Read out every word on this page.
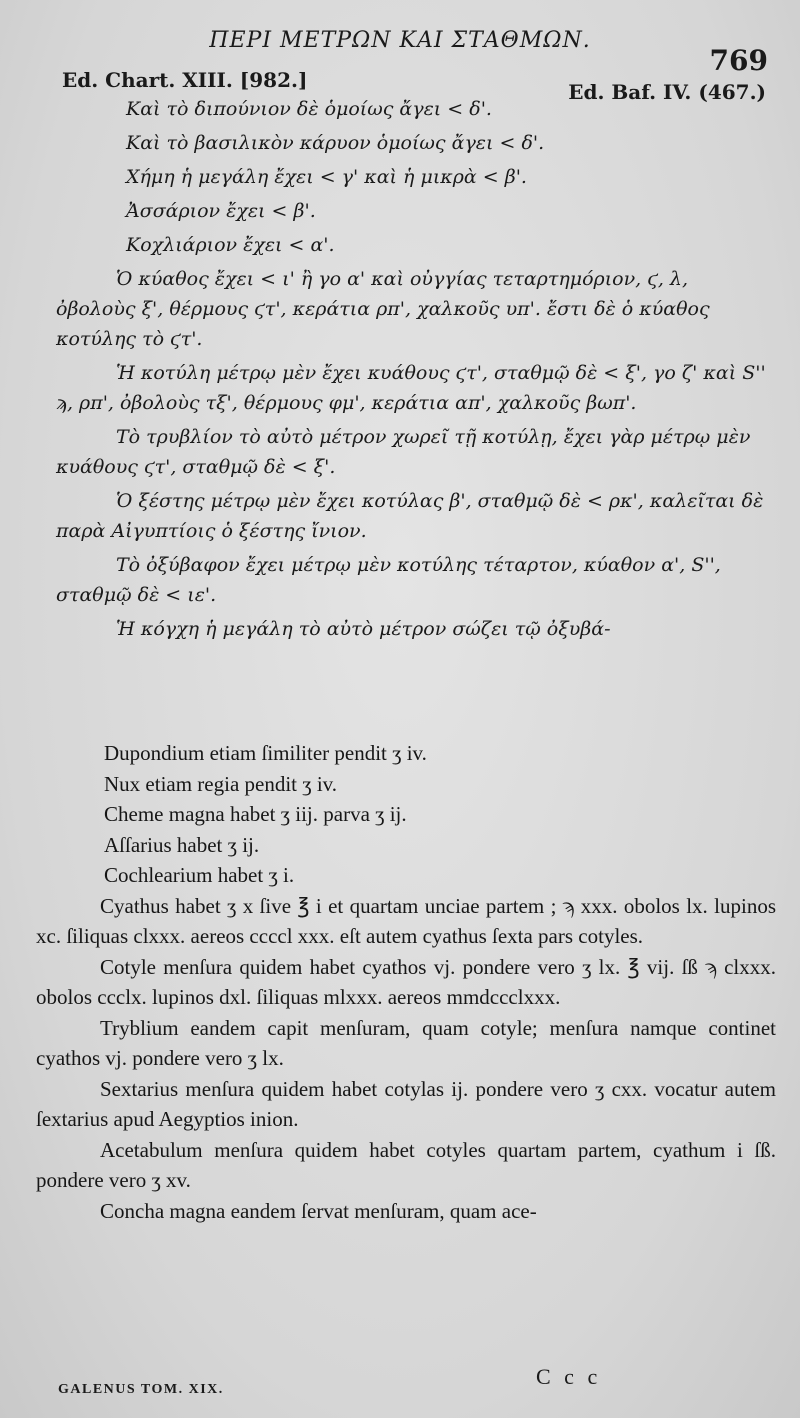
ΠΕΡΙ ΜΕΤΡΩΝ ΚΑΙ ΣΤΑΘΜΩΝ.
769
Ed. Chart. XIII. [982.]	Ed. Baf. IV. (467.)

Καὶ τὸ διπούνιον δὲ ὁμοίως ἄγει < δ'.

Καὶ τὸ βασιλικὸν κάρυον ὁμοίως ἄγει < δ'.

Χήμη ἡ μεγάλη ἔχει < γ' καὶ ἡ μικρὰ < β'.

Ἀσσάριον ἔχει < β'.

Κοχλιάριον ἔχει < α'.

Ὁ κύαθος ἔχει < ι' ἢ γο α' καὶ οὐγγίας τεταρτημόριον, ϛ, λ, ὀβολοὺς ξ', θέρμους ϛτ', κεράτια ρπ', χαλκοῦς υπ'. ἔστι δὲ ὁ κύαθος κοτύλης τὸ ϛτ'.

Ἡ κοτύλη μέτρῳ μὲν ἔχει κυάθους ϛτ', σταθμῷ δὲ < ξ', γο ζ' καὶ S'' ϡ, ρπ', ὀβολοὺς τξ', θέρμους φμ', κεράτια απ', χαλκοῦς βωπ'.

Τὸ τρυβλίον τὸ αὐτὸ μέτρον χωρεῖ τῇ κοτύλῃ, ἔχει γὰρ μέτρῳ μὲν κυάθους ϛτ', σταθμῷ δὲ < ξ'.

Ὁ ξέστης μέτρῳ μὲν ἔχει κοτύλας β', σταθμῷ δὲ < ρκ', καλεῖται δὲ παρὰ Αἰγυπτίοις ὁ ξέστης ἴνιον.

Τὸ ὀξύβαφον ἔχει μέτρῳ μὲν κοτύλης τέταρτον, κύαθον α', S'', σταθμῷ δὲ < ιε'.

Ἡ κόγχη ἡ μεγάλη τὸ αὐτὸ μέτρον σώζει τῷ ὀξυβά-

Dupondium etiam ſimiliter pendit ʒ iv.

Nux etiam regia pendit ʒ iv.

Cheme magna habet ʒ iij. parva ʒ ij.

Aſſarius habet ʒ ij.

Cochlearium habet ʒ i.

Cyathus habet ʒ x ſive ℥ i et quartam unciae partem ; ϡ xxx. obolos lx. lupinos xc. ſiliquas clxxx. aereos ccccl xxx. eſt autem cyathus ſexta pars cotyles.

Cotyle menſura quidem habet cyathos vj. pondere vero ʒ lx. ℥ vij. ſß ϡ clxxx. obolos ccclx. lupinos dxl. ſiliquas mlxxx. aereos mmdccclxxx.

Tryblium eandem capit menſuram, quam cotyle; menſura namque continet cyathos vj. pondere vero ʒ lx.

Sextarius menſura quidem habet cotylas ij. pondere vero ʒ cxx. vocatur autem ſextarius apud Aegyptios inion.

Acetabulum menſura quidem habet cotyles quartam partem, cyathum i ſß. pondere vero ʒ xv.

Concha magna eandem ſervat menſuram, quam ace-

GALENUS TOM. XIX.
C c c
